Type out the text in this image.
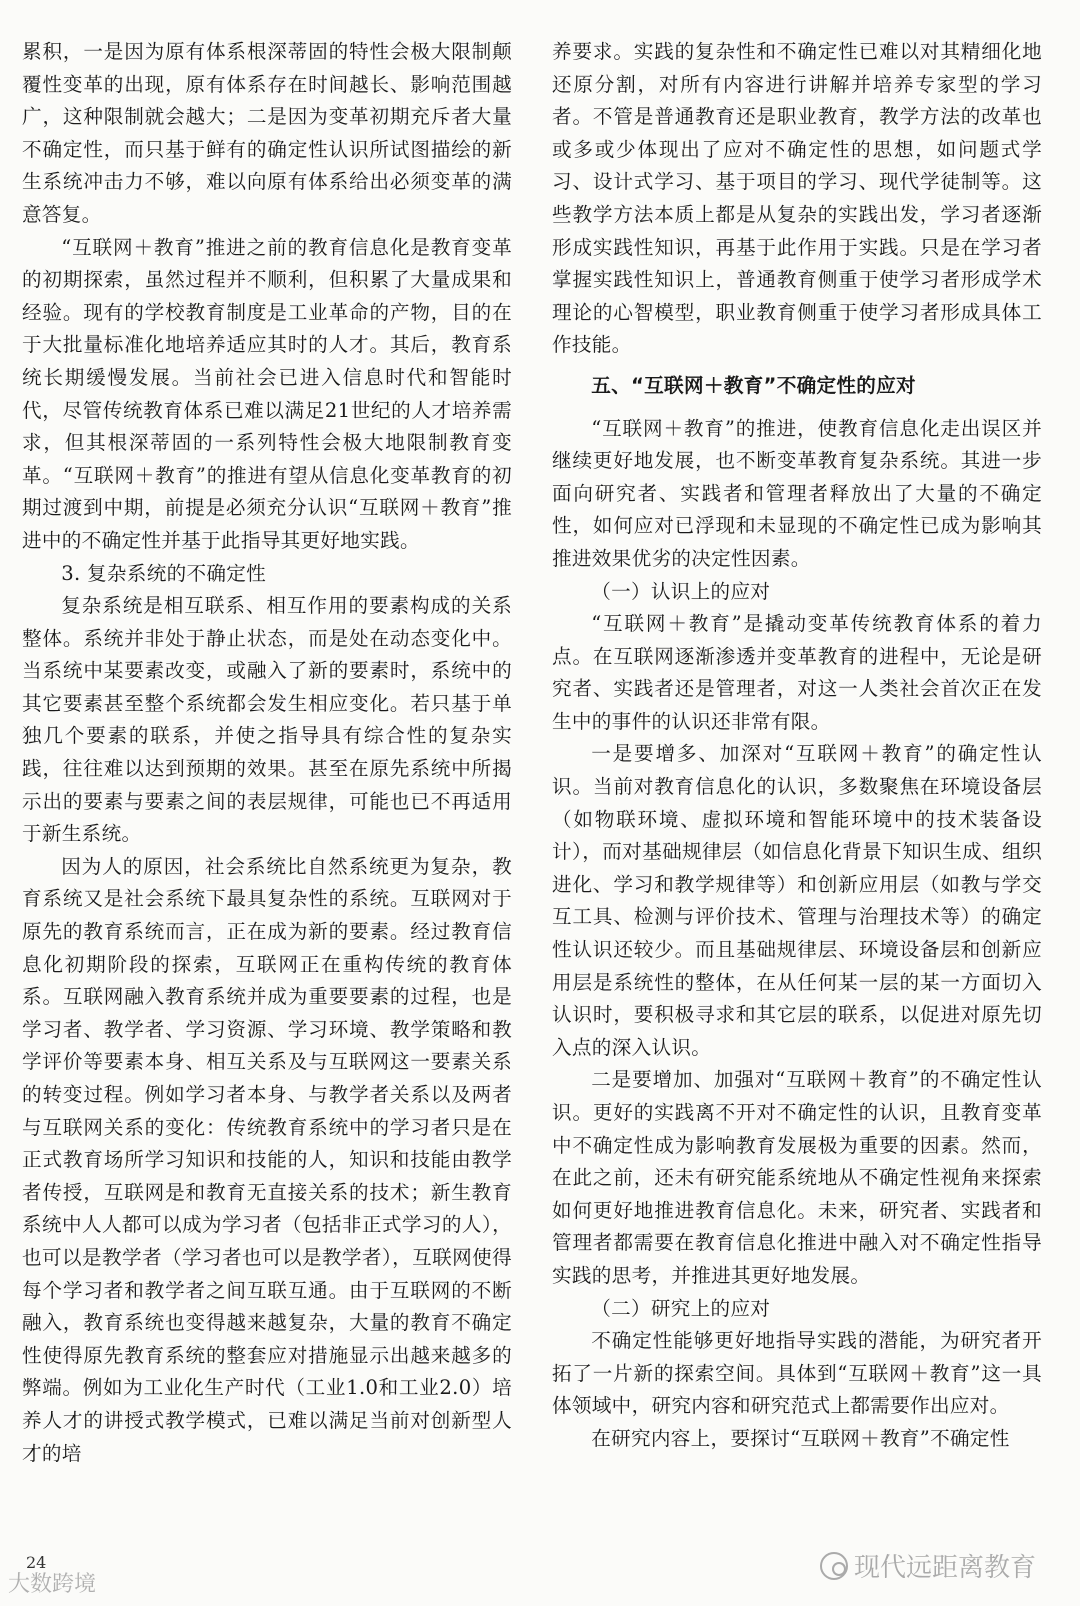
累积，一是因为原有体系根深蒂固的特性会极大限制颠覆性变革的出现，原有体系存在时间越长、影响范围越广，这种限制就会越大；二是因为变革初期充斥者大量不确定性，而只基于鲜有的确定性认识所试图描绘的新生系统冲击力不够，难以向原有体系给出必须变革的满意答复。

“互联网＋教育”推进之前的教育信息化是教育变革的初期探索，虽然过程并不顺利，但积累了大量成果和经验。现有的学校教育制度是工业革命的产物，目的在于大批量标准化地培养适应其时的人才。其后，教育系统长期缓慢发展。当前社会已进入信息时代和智能时代，尽管传统教育体系已难以满足21世纪的人才培养需求，但其根深蒂固的一系列特性会极大地限制教育变革。“互联网＋教育”的推进有望从信息化变革教育的初期过渡到中期，前提是必须充分认识“互联网＋教育”推进中的不确定性并基于此指导其更好地实践。

3. 复杂系统的不确定性

复杂系统是相互联系、相互作用的要素构成的关系整体。系统并非处于静止状态，而是处在动态变化中。当系统中某要素改变，或融入了新的要素时，系统中的其它要素甚至整个系统都会发生相应变化。若只基于单独几个要素的联系，并使之指导具有综合性的复杂实践，往往难以达到预期的效果。甚至在原先系统中所揭示出的要素与要素之间的表层规律，可能也已不再适用于新生系统。

因为人的原因，社会系统比自然系统更为复杂，教育系统又是社会系统下最具复杂性的系统。互联网对于原先的教育系统而言，正在成为新的要素。经过教育信息化初期阶段的探索，互联网正在重构传统的教育体系。互联网融入教育系统并成为重要要素的过程，也是学习者、教学者、学习资源、学习环境、教学策略和教学评价等要素本身、相互关系及与互联网这一要素关系的转变过程。例如学习者本身、与教学者关系以及两者与互联网关系的变化：传统教育系统中的学习者只是在正式教育场所学习知识和技能的人，知识和技能由教学者传授，互联网是和教育无直接关系的技术；新生教育系统中人人都可以成为学习者（包括非正式学习的人），也可以是教学者（学习者也可以是教学者），互联网使得每个学习者和教学者之间互联互通。由于互联网的不断融入，教育系统也变得越来越复杂，大量的教育不确定性使得原先教育系统的整套应对措施显示出越来越多的弊端。例如为工业化生产时代（工业1.0和工业2.0）培养人才的讲授式教学模式，已难以满足当前对创新型人才的培

养要求。实践的复杂性和不确定性已难以对其精细化地还原分割，对所有内容进行讲解并培养专家型的学习者。不管是普通教育还是职业教育，教学方法的改革也或多或少体现出了应对不确定性的思想，如问题式学习、设计式学习、基于项目的学习、现代学徒制等。这些教学方法本质上都是从复杂的实践出发，学习者逐渐形成实践性知识，再基于此作用于实践。只是在学习者掌握实践性知识上，普通教育侧重于使学习者形成学术理论的心智模型，职业教育侧重于使学习者形成具体工作技能。

五、“互联网＋教育”不确定性的应对

“互联网＋教育”的推进，使教育信息化走出误区并继续更好地发展，也不断变革教育复杂系统。其进一步面向研究者、实践者和管理者释放出了大量的不确定性，如何应对已浮现和未显现的不确定性已成为影响其推进效果优劣的决定性因素。

（一）认识上的应对

“互联网＋教育”是撬动变革传统教育体系的着力点。在互联网逐渐渗透并变革教育的进程中，无论是研究者、实践者还是管理者，对这一人类社会首次正在发生中的事件的认识还非常有限。

一是要增多、加深对“互联网＋教育”的确定性认识。当前对教育信息化的认识，多数聚焦在环境设备层（如物联环境、虚拟环境和智能环境中的技术装备设计），而对基础规律层（如信息化背景下知识生成、组织进化、学习和教学规律等）和创新应用层（如教与学交互工具、检测与评价技术、管理与治理技术等）的确定性认识还较少。而且基础规律层、环境设备层和创新应用层是系统性的整体，在从任何某一层的某一方面切入认识时，要积极寻求和其它层的联系，以促进对原先切入点的深入认识。

二是要增加、加强对“互联网＋教育”的不确定性认识。更好的实践离不开对不确定性的认识，且教育变革中不确定性成为影响教育发展极为重要的因素。然而，在此之前，还未有研究能系统地从不确定性视角来探索如何更好地推进教育信息化。未来，研究者、实践者和管理者都需要在教育信息化推进中融入对不确定性指导实践的思考，并推进其更好地发展。

（二）研究上的应对

不确定性能够更好地指导实践的潜能，为研究者开拓了一片新的探索空间。具体到“互联网＋教育”这一具体领域中，研究内容和研究范式上都需要作出应对。

在研究内容上，要探讨“互联网＋教育”不确定性

24
大数跨境
现代远距离教育
